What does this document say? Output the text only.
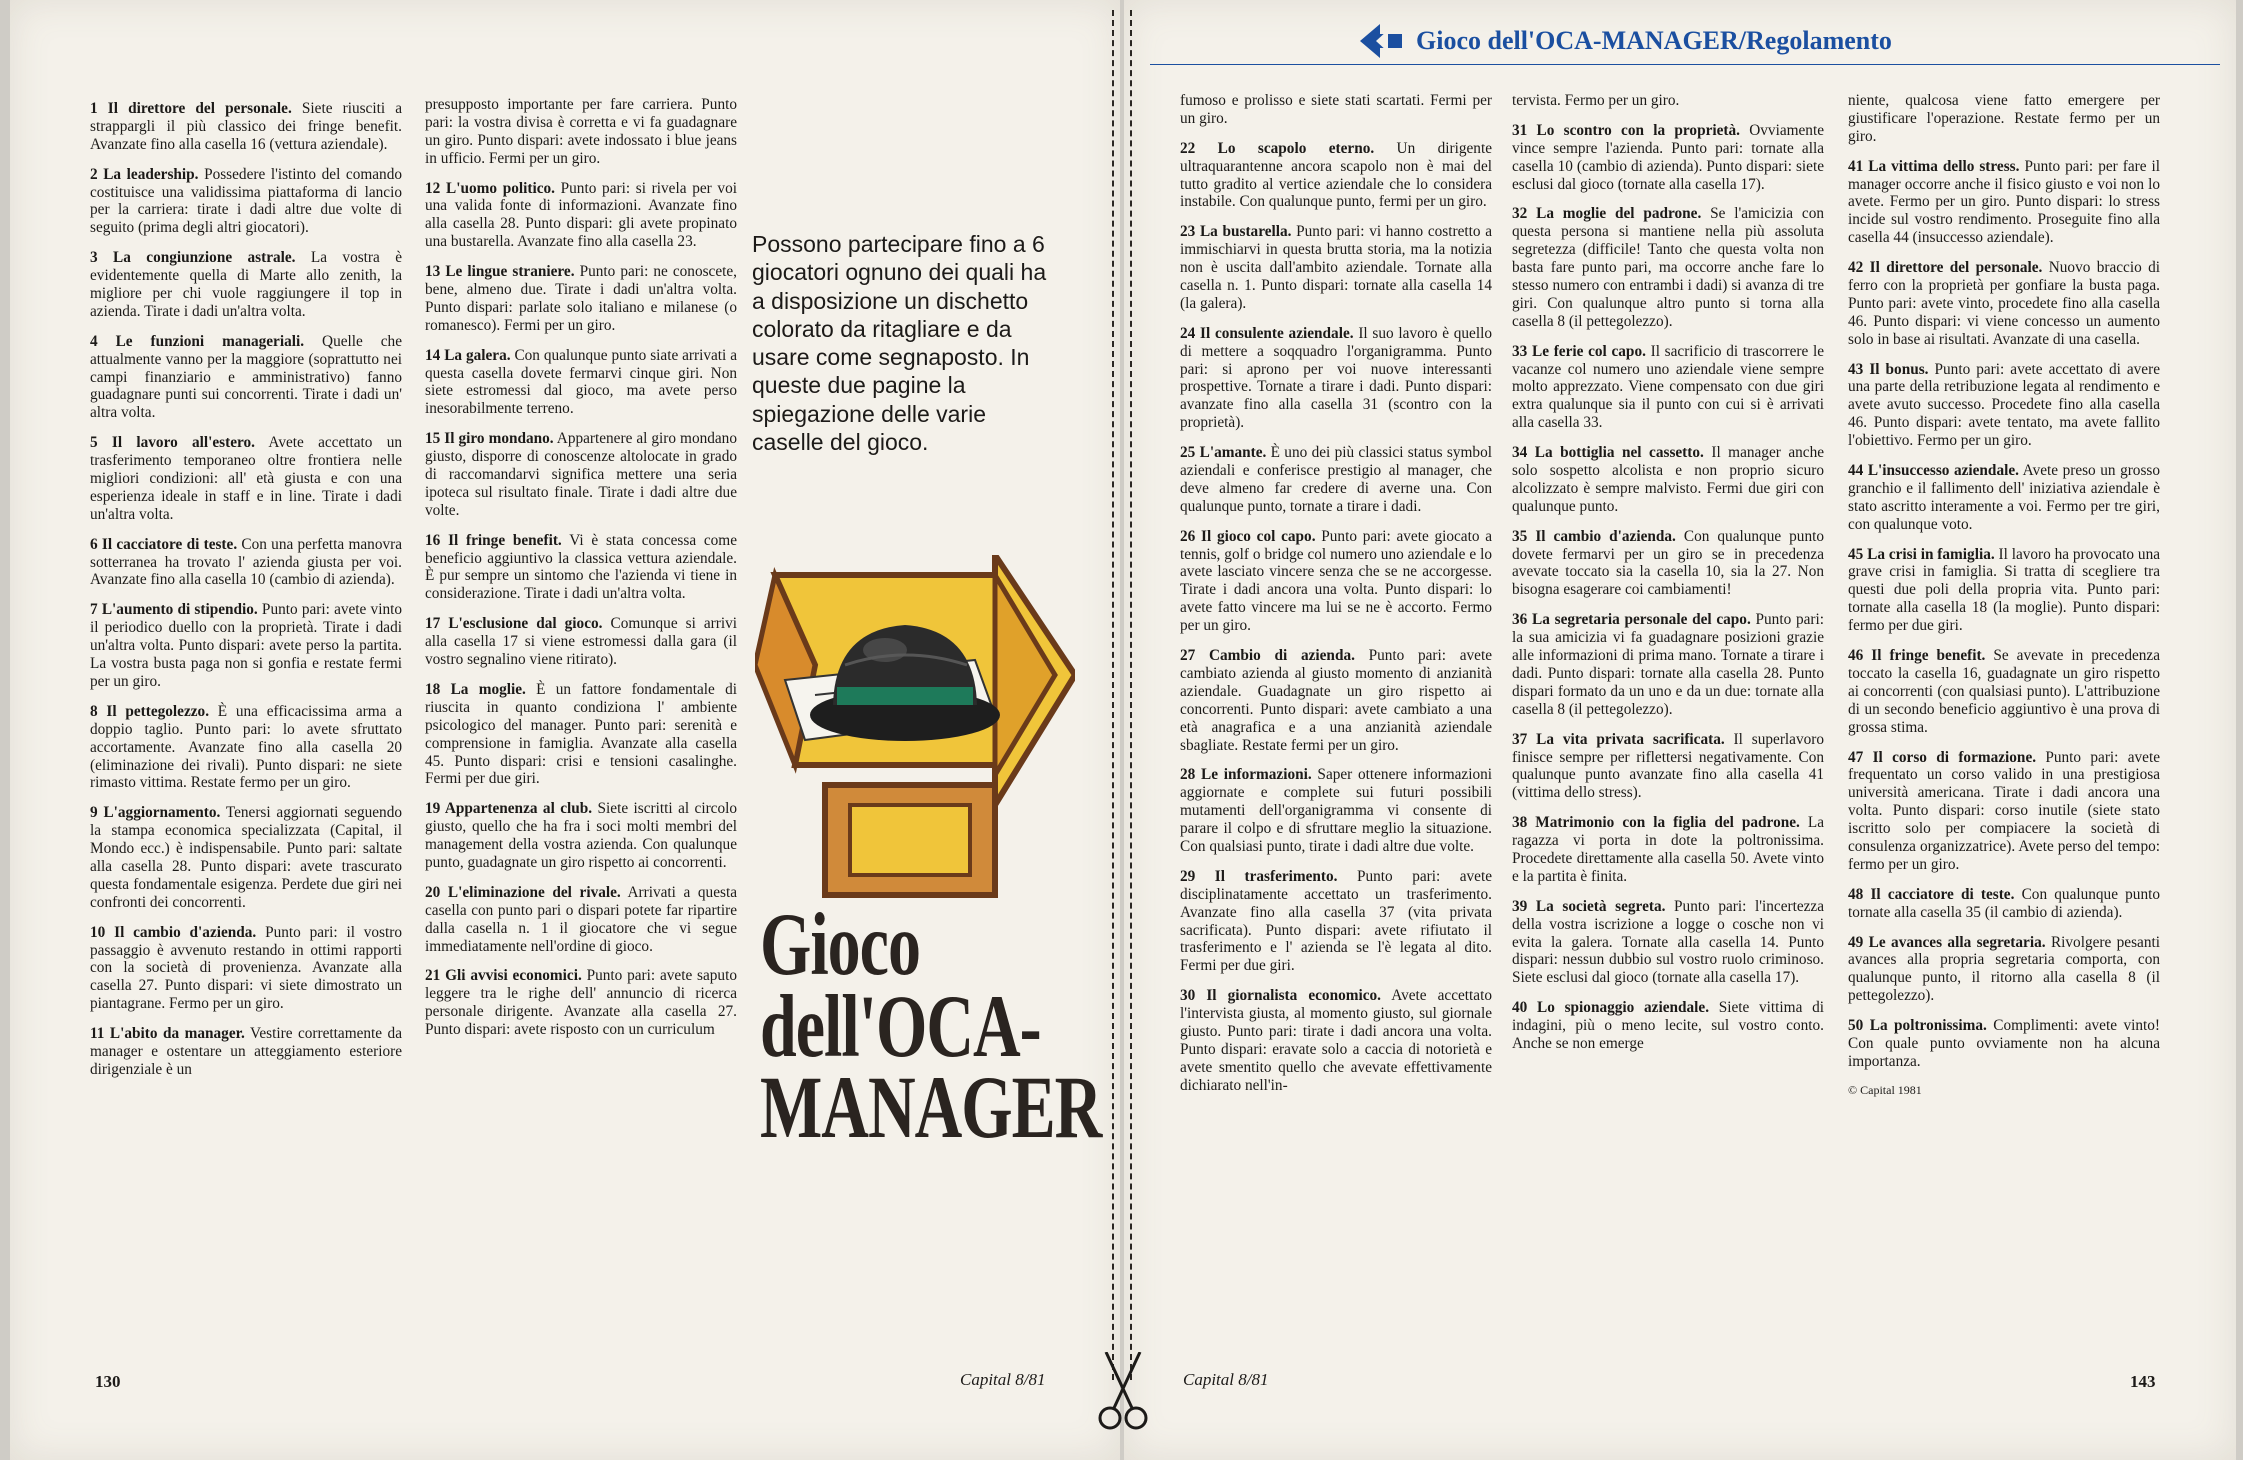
Gioco dell'OCA-MANAGER/Regolamento

1 Il direttore del personale. Siete riusciti a strappargli il più classico dei fringe benefit. Avanzate fino alla casella 16 (vettura aziendale).

2 La leadership. Possedere l'istinto del comando costituisce una validissima piattaforma di lancio per la carriera: tirate i dadi altre due volte di seguito (prima degli altri giocatori).

3 La congiunzione astrale. La vostra è evidentemente quella di Marte allo zenith, la migliore per chi vuole raggiungere il top in azienda. Tirate i dadi un'altra volta.

4 Le funzioni manageriali. Quelle che attualmente vanno per la maggiore (soprattutto nei campi finanziario e amministrativo) fanno guadagnare punti sui concorrenti. Tirate i dadi un' altra volta.

5 Il lavoro all'estero. Avete accettato un trasferimento temporaneo oltre frontiera nelle migliori condizioni: all' età giusta e con una esperienza ideale in staff e in line. Tirate i dadi un'altra volta.

6 Il cacciatore di teste. Con una perfetta manovra sotterranea ha trovato l' azienda giusta per voi. Avanzate fino alla casella 10 (cambio di azienda).

7 L'aumento di stipendio. Punto pari: avete vinto il periodico duello con la proprietà. Tirate i dadi un'altra volta. Punto dispari: avete perso la partita. La vostra busta paga non si gonfia e restate fermi per un giro.

8 Il pettegolezzo. È una efficacissima arma a doppio taglio. Punto pari: lo avete sfruttato accortamente. Avanzate fino alla casella 20 (eliminazione dei rivali). Punto dispari: ne siete rimasto vittima. Restate fermo per un giro.

9 L'aggiornamento. Tenersi aggiornati seguendo la stampa economica specializzata (Capital, il Mondo ecc.) è indispensabile. Punto pari: saltate alla casella 28. Punto dispari: avete trascurato questa fondamentale esigenza. Perdete due giri nei confronti dei concorrenti.

10 Il cambio d'azienda. Punto pari: il vostro passaggio è avvenuto restando in ottimi rapporti con la società di provenienza. Avanzate alla casella 27. Punto dispari: vi siete dimostrato un piantagrane. Fermo per un giro.

11 L'abito da manager. Vestire correttamente da manager e ostentare un atteggiamento esteriore dirigenziale è un

presupposto importante per fare carriera. Punto pari: la vostra divisa è corretta e vi fa guadagnare un giro. Punto dispari: avete indossato i blue jeans in ufficio. Fermi per un giro.

12 L'uomo politico. Punto pari: si rivela per voi una valida fonte di informazioni. Avanzate fino alla casella 28. Punto dispari: gli avete propinato una bustarella. Avanzate fino alla casella 23.

13 Le lingue straniere. Punto pari: ne conoscete, bene, almeno due. Tirate i dadi un'altra volta. Punto dispari: parlate solo italiano e milanese (o romanesco). Fermi per un giro.

14 La galera. Con qualunque punto siate arrivati a questa casella dovete fermarvi cinque giri. Non siete estromessi dal gioco, ma avete perso inesorabilmente terreno.

15 Il giro mondano. Appartenere al giro mondano giusto, disporre di conoscenze altolocate in grado di raccomandarvi significa mettere una seria ipoteca sul risultato finale. Tirate i dadi altre due volte.

16 Il fringe benefit. Vi è stata concessa come beneficio aggiuntivo la classica vettura aziendale. È pur sempre un sintomo che l'azienda vi tiene in considerazione. Tirate i dadi un'altra volta.

17 L'esclusione dal gioco. Comunque si arrivi alla casella 17 si viene estromessi dalla gara (il vostro segnalino viene ritirato).

18 La moglie. È un fattore fondamentale di riuscita in quanto condiziona l' ambiente psicologico del manager. Punto pari: serenità e comprensione in famiglia. Avanzate alla casella 45. Punto dispari: crisi e tensioni casalinghe. Fermi per due giri.

19 Appartenenza al club. Siete iscritti al circolo giusto, quello che ha fra i soci molti membri del management della vostra azienda. Con qualunque punto, guadagnate un giro rispetto ai concorrenti.

20 L'eliminazione del rivale. Arrivati a questa casella con punto pari o dispari potete far ripartire dalla casella n. 1 il giocatore che vi segue immediatamente nell'ordine di gioco.

21 Gli avvisi economici. Punto pari: avete saputo leggere tra le righe dell' annuncio di ricerca personale dirigente. Avanzate alla casella 27. Punto dispari: avete risposto con un curriculum

fumoso e prolisso e siete stati scartati. Fermi per un giro.

22 Lo scapolo eterno. Un dirigente ultraquarantenne ancora scapolo non è mai del tutto gradito al vertice aziendale che lo considera instabile. Con qualunque punto, fermi per un giro.

23 La bustarella. Punto pari: vi hanno costretto a immischiarvi in questa brutta storia, ma la notizia non è uscita dall'ambito aziendale. Tornate alla casella n. 1. Punto dispari: tornate alla casella 14 (la galera).

24 Il consulente aziendale. Il suo lavoro è quello di mettere a soqquadro l'organigramma. Punto pari: si aprono per voi nuove interessanti prospettive. Tornate a tirare i dadi. Punto dispari: avanzate fino alla casella 31 (scontro con la proprietà).

25 L'amante. È uno dei più classici status symbol aziendali e conferisce prestigio al manager, che deve almeno far credere di averne una. Con qualunque punto, tornate a tirare i dadi.

26 Il gioco col capo. Punto pari: avete giocato a tennis, golf o bridge col numero uno aziendale e lo avete lasciato vincere senza che se ne accorgesse. Tirate i dadi ancora una volta. Punto dispari: lo avete fatto vincere ma lui se ne è accorto. Fermo per un giro.

27 Cambio di azienda. Punto pari: avete cambiato azienda al giusto momento di anzianità aziendale. Guadagnate un giro rispetto ai concorrenti. Punto dispari: avete cambiato a una età anagrafica e a una anzianità aziendale sbagliate. Restate fermi per un giro.

28 Le informazioni. Saper ottenere informazioni aggiornate e complete sui futuri possibili mutamenti dell'organigramma vi consente di parare il colpo e di sfruttare meglio la situazione. Con qualsiasi punto, tirate i dadi altre due volte.

29 Il trasferimento. Punto pari: avete disciplinatamente accettato un trasferimento. Avanzate fino alla casella 37 (vita privata sacrificata). Punto dispari: avete rifiutato il trasferimento e l' azienda se l'è legata al dito. Fermi per due giri.

30 Il giornalista economico. Avete accettato l'intervista giusta, al momento giusto, sul giornale giusto. Punto pari: tirate i dadi ancora una volta. Punto dispari: eravate solo a caccia di notorietà e avete smentito quello che avevate effettivamente dichiarato nell'in-

tervista. Fermo per un giro.

31 Lo scontro con la proprietà. Ovviamente vince sempre l'azienda. Punto pari: tornate alla casella 10 (cambio di azienda). Punto dispari: siete esclusi dal gioco (tornate alla casella 17).

32 La moglie del padrone. Se l'amicizia con questa persona si mantiene nella più assoluta segretezza (difficile! Tanto che questa volta non basta fare punto pari, ma occorre anche fare lo stesso numero con entrambi i dadi) si avanza di tre giri. Con qualunque altro punto si torna alla casella 8 (il pettegolezzo).

33 Le ferie col capo. Il sacrificio di trascorrere le vacanze col numero uno aziendale viene sempre molto apprezzato. Viene compensato con due giri extra qualunque sia il punto con cui si è arrivati alla casella 33.

34 La bottiglia nel cassetto. Il manager anche solo sospetto alcolista e non proprio sicuro alcolizzato è sempre malvisto. Fermi due giri con qualunque punto.

35 Il cambio d'azienda. Con qualunque punto dovete fermarvi per un giro se in precedenza avevate toccato sia la casella 10, sia la 27. Non bisogna esagerare coi cambiamenti!

36 La segretaria personale del capo. Punto pari: la sua amicizia vi fa guadagnare posizioni grazie alle informazioni di prima mano. Tornate a tirare i dadi. Punto dispari: tornate alla casella 28. Punto dispari formato da un uno e da un due: tornate alla casella 8 (il pettegolezzo).

37 La vita privata sacrificata. Il superlavoro finisce sempre per riflettersi negativamente. Con qualunque punto avanzate fino alla casella 41 (vittima dello stress).

38 Matrimonio con la figlia del padrone. La ragazza vi porta in dote la poltronissima. Procedete direttamente alla casella 50. Avete vinto e la partita è finita.

39 La società segreta. Punto pari: l'incertezza della vostra iscrizione a logge o cosche non vi evita la galera. Tornate alla casella 14. Punto dispari: nessun dubbio sul vostro ruolo criminoso. Siete esclusi dal gioco (tornate alla casella 17).

40 Lo spionaggio aziendale. Siete vittima di indagini, più o meno lecite, sul vostro conto. Anche se non emerge

niente, qualcosa viene fatto emergere per giustificare l'operazione. Restate fermo per un giro.

41 La vittima dello stress. Punto pari: per fare il manager occorre anche il fisico giusto e voi non lo avete. Fermo per un giro. Punto dispari: lo stress incide sul vostro rendimento. Proseguite fino alla casella 44 (insuccesso aziendale).

42 Il direttore del personale. Nuovo braccio di ferro con la proprietà per gonfiare la busta paga. Punto pari: avete vinto, procedete fino alla casella 46. Punto dispari: vi viene concesso un aumento solo in base ai risultati. Avanzate di una casella.

43 Il bonus. Punto pari: avete accettato di avere una parte della retribuzione legata al rendimento e avete avuto successo. Procedete fino alla casella 46. Punto dispari: avete tentato, ma avete fallito l'obiettivo. Fermo per un giro.

44 L'insuccesso aziendale. Avete preso un grosso granchio e il fallimento dell' iniziativa aziendale è stato ascritto interamente a voi. Fermo per tre giri, con qualunque voto.

45 La crisi in famiglia. Il lavoro ha provocato una grave crisi in famiglia. Si tratta di scegliere tra questi due poli della propria vita. Punto pari: tornate alla casella 18 (la moglie). Punto dispari: fermo per due giri.

46 Il fringe benefit. Se avevate in precedenza toccato la casella 16, guadagnate un giro rispetto ai concorrenti (con qualsiasi punto). L'attribuzione di un secondo beneficio aggiuntivo è una prova di grossa stima.

47 Il corso di formazione. Punto pari: avete frequentato un corso valido in una prestigiosa università americana. Tirate i dadi ancora una volta. Punto dispari: corso inutile (siete stato iscritto solo per compiacere la società di consulenza organizzatrice). Avete perso del tempo: fermo per un giro.

48 Il cacciatore di teste. Con qualunque punto tornate alla casella 35 (il cambio di azienda).

49 Le avances alla segretaria. Rivolgere pesanti avances alla propria segretaria comporta, con qualunque punto, il ritorno alla casella 8 (il pettegolezzo).

50 La poltronissima. Complimenti: avete vinto! Con quale punto ovviamente non ha alcuna importanza.

© Capital 1981

Possono partecipare fino a 6 giocatori ognuno dei quali ha a disposizione un dischetto colorato da ritagliare e da usare come segnaposto. In queste due pagine la spiegazione delle varie caselle del gioco.
Gioco
dell'OCA-
MANAGER
130	Capital 8/81	Capital 8/81	143
